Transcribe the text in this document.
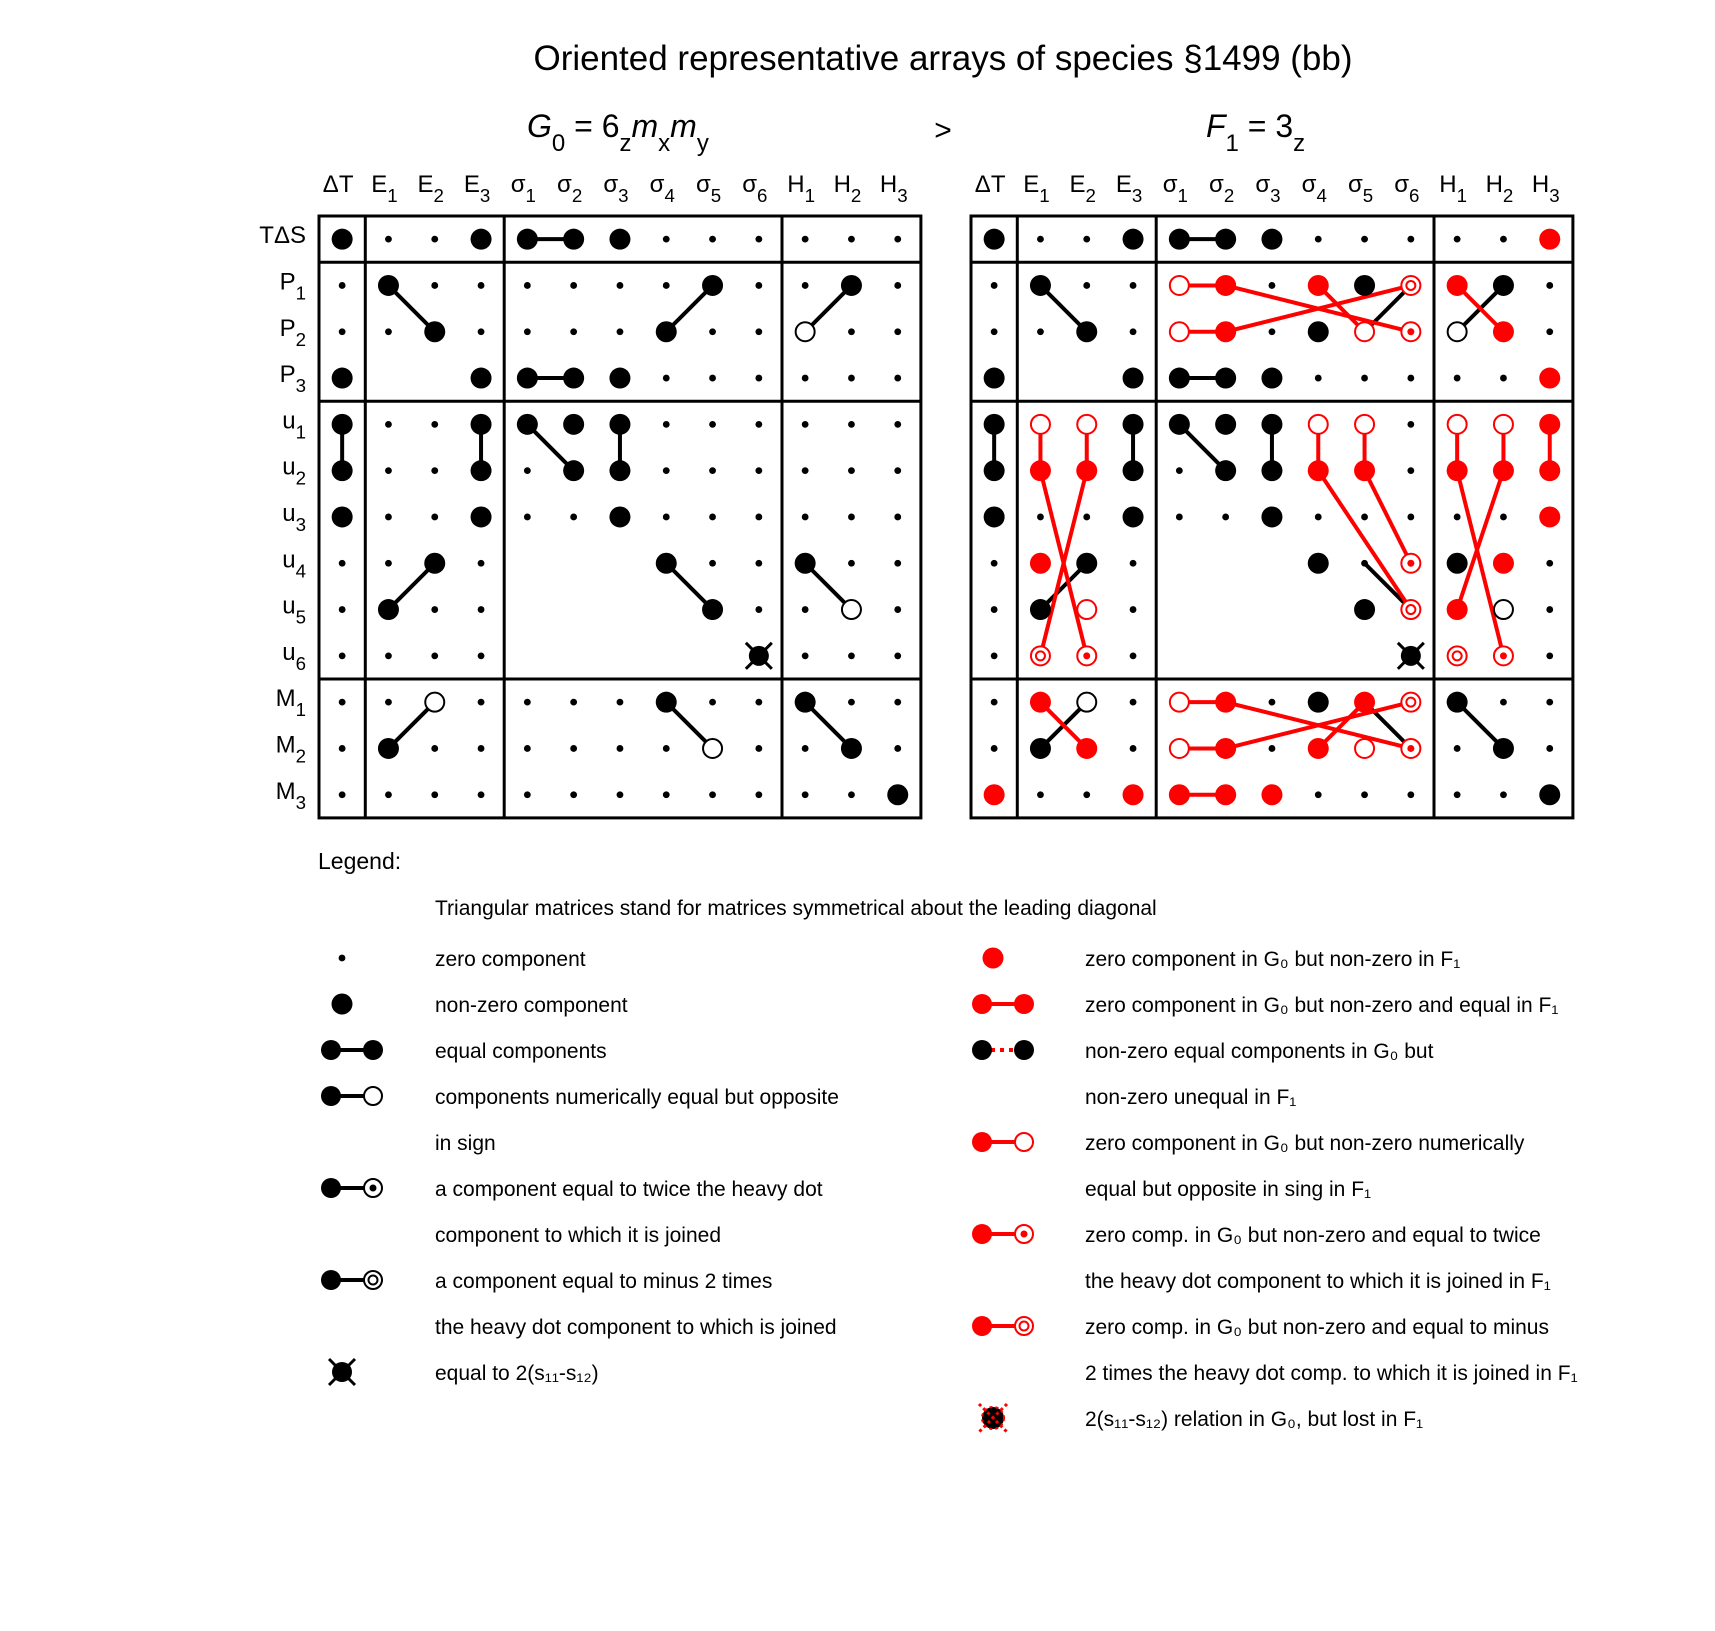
Oriented representative arrays of species §1499 (bb)
$G_0 = 6_zm_xm_y$	$F_1 = 3_z$
>
TΔS
$P_1$
$P_2$
$P_3$
$u_1$
$u_2$
$u_3$
$u_4$
$u_5$
$u_6$
$M_1$
$M_2$
$M_3$
ΔT $E_1$ $E_2$ $E_3$ $\sigma_1$ $\sigma_2$ $\sigma_3$ $\sigma_4$ $\sigma_5$ $\sigma_6$ $H_1$ $H_2$ $H_3$	ΔT $E_1$ $E_2$ $E_3$ $\sigma_1$ $\sigma_2$ $\sigma_3$ $\sigma_4$ $\sigma_5$ $\sigma_6$ $H_1$ $H_2$ $H_3$
Legend:
Triangular matrices stand for matrices symmetrical about the leading diagonal
zero component
non-zero component
equal components
components numerically equal but opposite
in sign
a component equal to twice the heavy dot
component to which it is joined
a component equal to minus 2 times
the heavy dot component to which is joined
equal to 2(s₁₁-s₁₂)
zero component in G₀ but non-zero in F₁
zero component in G₀ but non-zero and equal in F₁
non-zero equal components in G₀ but
non-zero unequal in F₁
zero component in G₀ but non-zero numerically
equal but opposite in sing in F₁
zero comp. in G₀ but non-zero and equal to twice
the heavy dot component to which it is joined in F₁
zero comp. in G₀ but non-zero and equal to minus
2 times the heavy dot comp. to which it is joined in F₁
2(s₁₁-s₁₂) relation in G₀, but lost in F₁
